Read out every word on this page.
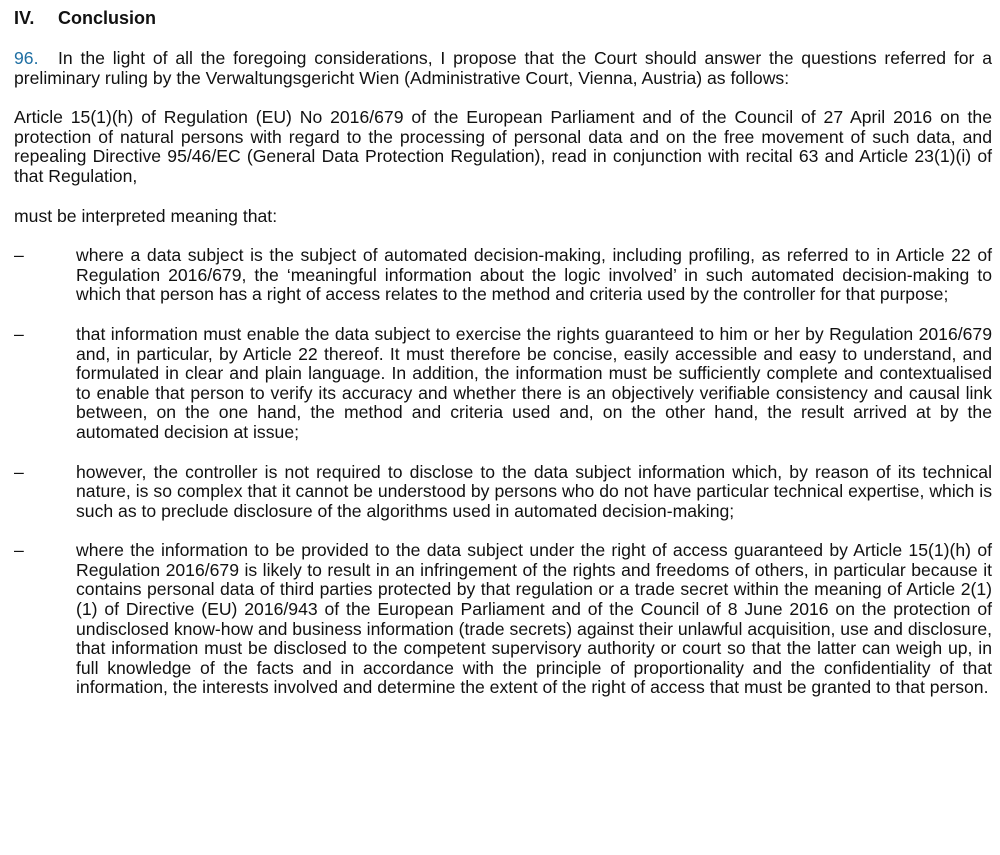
IV.	Conclusion

96. In the light of all the foregoing considerations, I propose that the Court should answer the questions referred for a preliminary ruling by the Verwaltungsgericht Wien (Administrative Court, Vienna, Austria) as follows:

Article 15(1)(h) of Regulation (EU) No 2016/679 of the European Parliament and of the Council of 27 April 2016 on the protection of natural persons with regard to the processing of personal data and on the free movement of such data, and repealing Directive 95/46/EC (General Data Protection Regulation), read in conjunction with recital 63 and Article 23(1)(i) of that Regulation,

must be interpreted meaning that:

–	where a data subject is the subject of automated decision-making, including profiling, as referred to in Article 22 of Regulation 2016/679, the ‘meaningful information about the logic involved’ in such automated decision-making to which that person has a right of access relates to the method and criteria used by the controller for that purpose;
–	that information must enable the data subject to exercise the rights guaranteed to him or her by Regulation 2016/679 and, in particular, by Article 22 thereof. It must therefore be concise, easily accessible and easy to understand, and formulated in clear and plain language. In addition, the information must be sufficiently complete and contextualised to enable that person to verify its accuracy and whether there is an objectively verifiable consistency and causal link between, on the one hand, the method and criteria used and, on the other hand, the result arrived at by the automated decision at issue;
–	however, the controller is not required to disclose to the data subject information which, by reason of its technical nature, is so complex that it cannot be understood by persons who do not have particular technical expertise, which is such as to preclude disclosure of the algorithms used in automated decision-making;
–	where the information to be provided to the data subject under the right of access guaranteed by Article 15(1)(h) of Regulation 2016/679 is likely to result in an infringement of the rights and freedoms of others, in particular because it contains personal data of third parties protected by that regulation or a trade secret within the meaning of Article 2(1)(1) of Directive (EU) 2016/943 of the European Parliament and of the Council of 8 June 2016 on the protection of undisclosed know-how and business information (trade secrets) against their unlawful acquisition, use and disclosure, that information must be disclosed to the competent supervisory authority or court so that the latter can weigh up, in full knowledge of the facts and in accordance with the principle of proportionality and the confidentiality of that information, the interests involved and determine the extent of the right of access that must be granted to that person.
